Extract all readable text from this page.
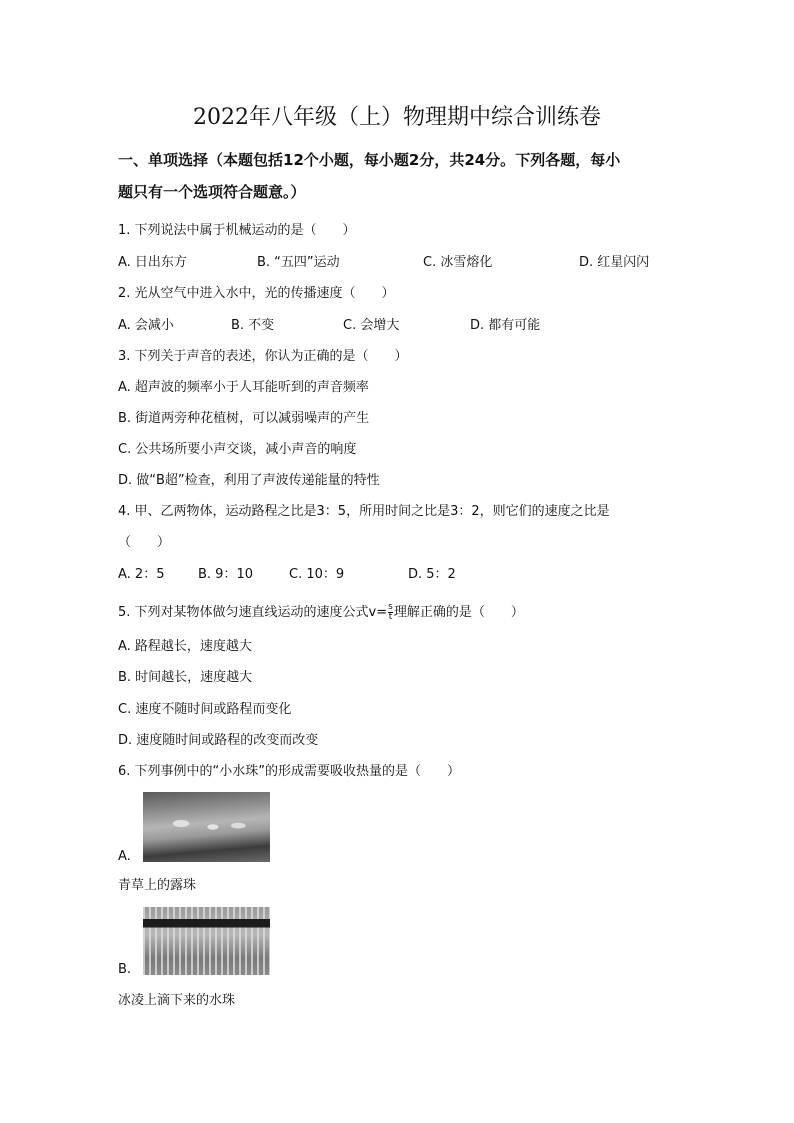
2022年八年级（上）物理期中综合训练卷
一、单项选择（本题包括12个小题，每小题2分，共24分。下列各题，每小
题只有一个选项符合题意。）
1. 下列说法中属于机械运动的是（　　）
A. 日出东方	B. “五四”运动	C. 冰雪熔化	D. 红星闪闪
2. 光从空气中进入水中，光的传播速度（　　）
A. 会减小	B. 不变	C. 会增大	D. 都有可能
3. 下列关于声音的表述，你认为正确的是（　　）
A. 超声波的频率小于人耳能听到的声音频率
B. 街道两旁种花植树，可以减弱噪声的产生
C. 公共场所要小声交谈，减小声音的响度
D. 做“B超”检查，利用了声波传递能量的特性
4. 甲、乙两物体，运动路程之比是3：5，所用时间之比是3：2，则它们的速度之比是
（　　）
A. 2：5	B. 9：10	C. 10：9	D. 5：2
5. 下列对某物体做匀速直线运动的速度公式$v= \frac{s}{t}$ 理解正确的是（　　）
A. 路程越长，速度越大
B. 时间越长，速度越大
C. 速度不随时间或路程而变化
D. 速度随时间或路程的改变而改变
6. 下列事例中的“小水珠”的形成需要吸收热量的是（　　）
A.
青草上的露珠
B.
冰凌上滴下来的水珠
